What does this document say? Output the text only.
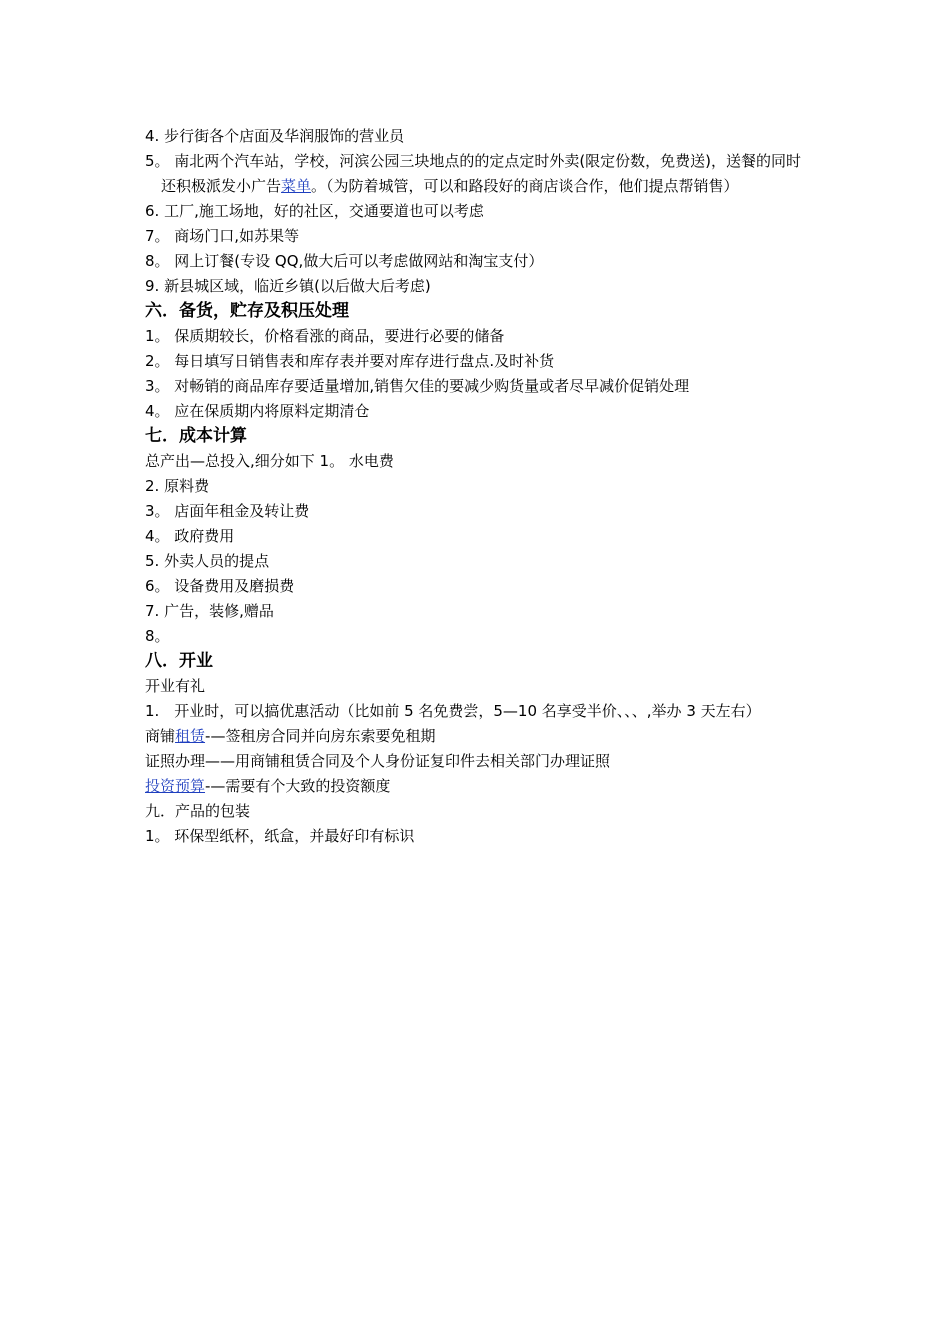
4. 步行街各个店面及华润服饰的营业员
5。 南北两个汽车站，学校，河滨公园三块地点的的定点定时外卖(限定份数，免费送)，送餐的同时还积极派发小广告菜单。（为防着城管，可以和路段好的商店谈合作，他们提点帮销售）
6. 工厂,施工场地，好的社区，交通要道也可以考虑
7。 商场门口,如苏果等
8。 网上订餐(专设 QQ,做大后可以考虑做网站和淘宝支付）
9. 新县城区域，临近乡镇(以后做大后考虑)
六．备货，贮存及积压处理
1。 保质期较长，价格看涨的商品，要进行必要的储备
2。 每日填写日销售表和库存表并要对库存进行盘点.及时补货
3。 对畅销的商品库存要适量增加,销售欠佳的要减少购货量或者尽早减价促销处理
4。 应在保质期内将原料定期清仓
七．成本计算
总产出—总投入,细分如下 1。 水电费
2. 原料费
3。 店面年租金及转让费
4。 政府费用
5. 外卖人员的提点
6。 设备费用及磨损费
7. 广告，装修,赠品
8。
八．开业
开业有礼
1.　开业时，可以搞优惠活动（比如前 5 名免费尝，5—10 名享受半价、、、,举办 3 天左右）
商铺租赁-—签租房合同并向房东索要免租期
证照办理——用商铺租赁合同及个人身份证复印件去相关部门办理证照
投资预算-—需要有个大致的投资额度
九．产品的包装
1。 环保型纸杯，纸盒，并最好印有标识
